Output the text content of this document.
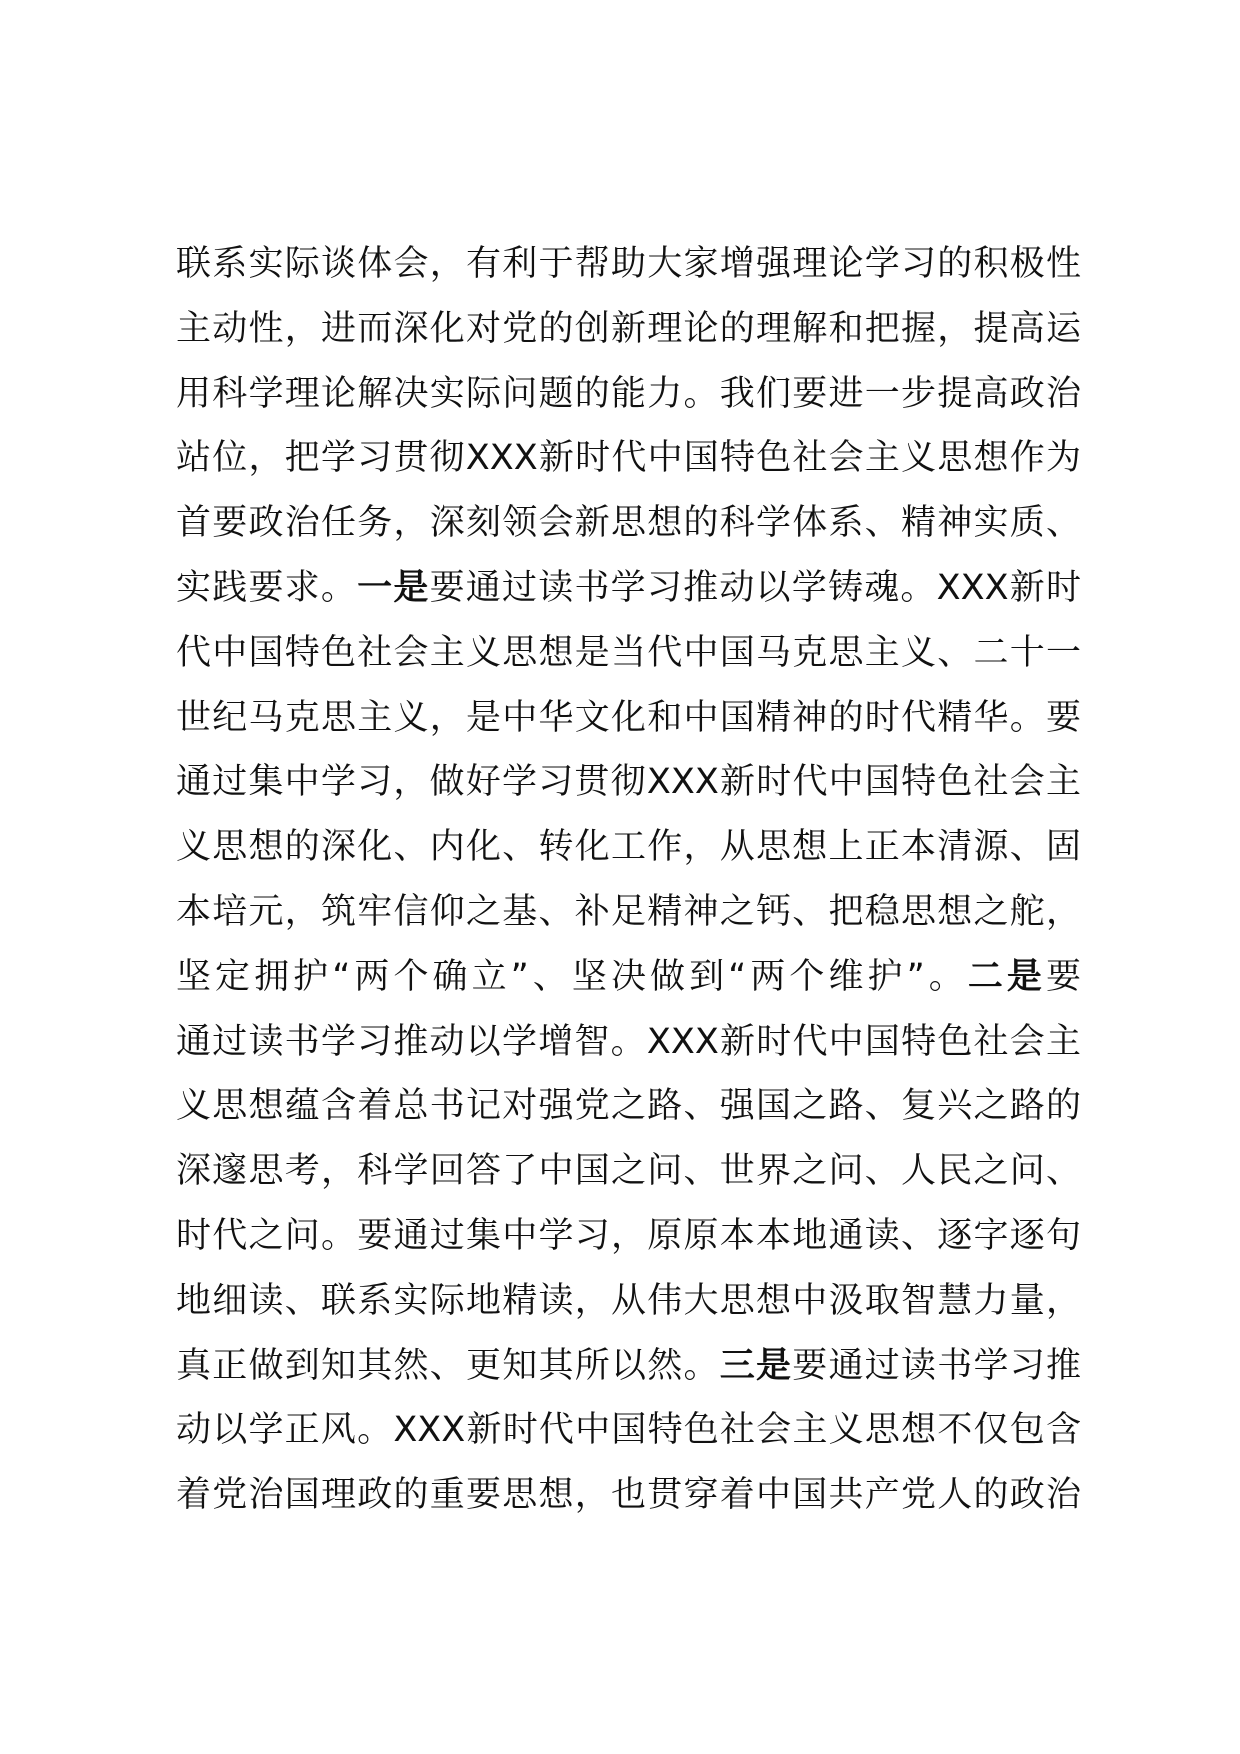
联系实际谈体会，有利于帮助大家增强理论学习的积极性
主动性，进而深化对党的创新理论的理解和把握，提高运
用科学理论解决实际问题的能力。我们要进一步提高政治
站位，把学习贯彻XXX新时代中国特色社会主义思想作为
首要政治任务，深刻领会新思想的科学体系、精神实质、
实践要求。一是要通过读书学习推动以学铸魂。XXX新时
代中国特色社会主义思想是当代中国马克思主义、二十一
世纪马克思主义，是中华文化和中国精神的时代精华。要
通过集中学习，做好学习贯彻XXX新时代中国特色社会主
义思想的深化、内化、转化工作，从思想上正本清源、固
本培元，筑牢信仰之基、补足精神之钙、把稳思想之舵，
坚定拥护“两个确立”、坚决做到“两个维护”。二是要
通过读书学习推动以学增智。XXX新时代中国特色社会主
义思想蕴含着总书记对强党之路、强国之路、复兴之路的
深邃思考，科学回答了中国之问、世界之问、人民之问、
时代之问。要通过集中学习，原原本本地通读、逐字逐句
地细读、联系实际地精读，从伟大思想中汲取智慧力量，
真正做到知其然、更知其所以然。三是要通过读书学习推
动以学正风。XXX新时代中国特色社会主义思想不仅包含
着党治国理政的重要思想，也贯穿着中国共产党人的政治
